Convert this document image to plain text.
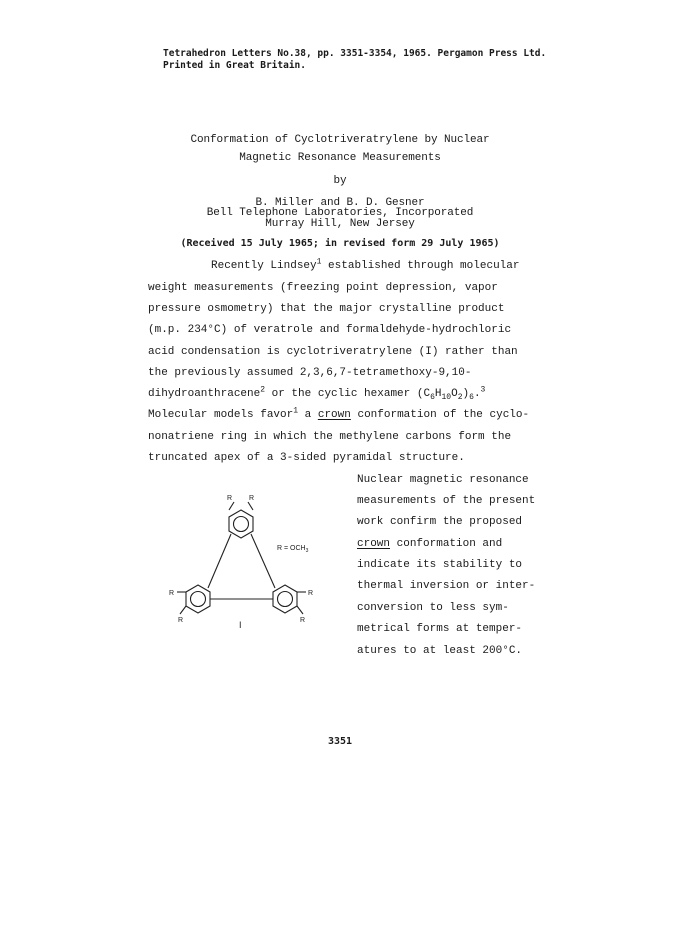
Tetrahedron Letters No.38, pp. 3351-3354, 1965. Pergamon Press Ltd.
Printed in Great Britain.
Conformation of Cyclotriveratrylene by Nuclear
Magnetic Resonance Measurements
by
B. Miller and B. D. Gesner
Bell Telephone Laboratories, Incorporated
Murray Hill, New Jersey
(Received 15 July 1965; in revised form 29 July 1965)
Recently Lindsey$^1$ established through molecular
weight measurements (freezing point depression, vapor
pressure osmometry) that the major crystalline product
(m.p. 234°C) of veratrole and formaldehyde-hydrochloric
acid condensation is cyclotriveratrylene (I) rather than
the previously assumed 2,3,6,7-tetramethoxy-9,10-
dihydroanthracene$^2$ or the cyclic hexamer $(C_6H_{10}O_2)_6.^3$
Molecular models favor$^1$ a crown conformation of the cyclo-
nonatriene ring in which the methylene carbons form the
truncated apex of a 3-sided pyramidal structure.
Nuclear magnetic resonance
measurements of the present
work confirm the proposed
crown conformation and
indicate its stability to
thermal inversion or inter-
conversion to less sym-
metrical forms at temper-
atures to at least 200°C.
R R
R
R
R
R
$R = OCH_3$
I
3351
